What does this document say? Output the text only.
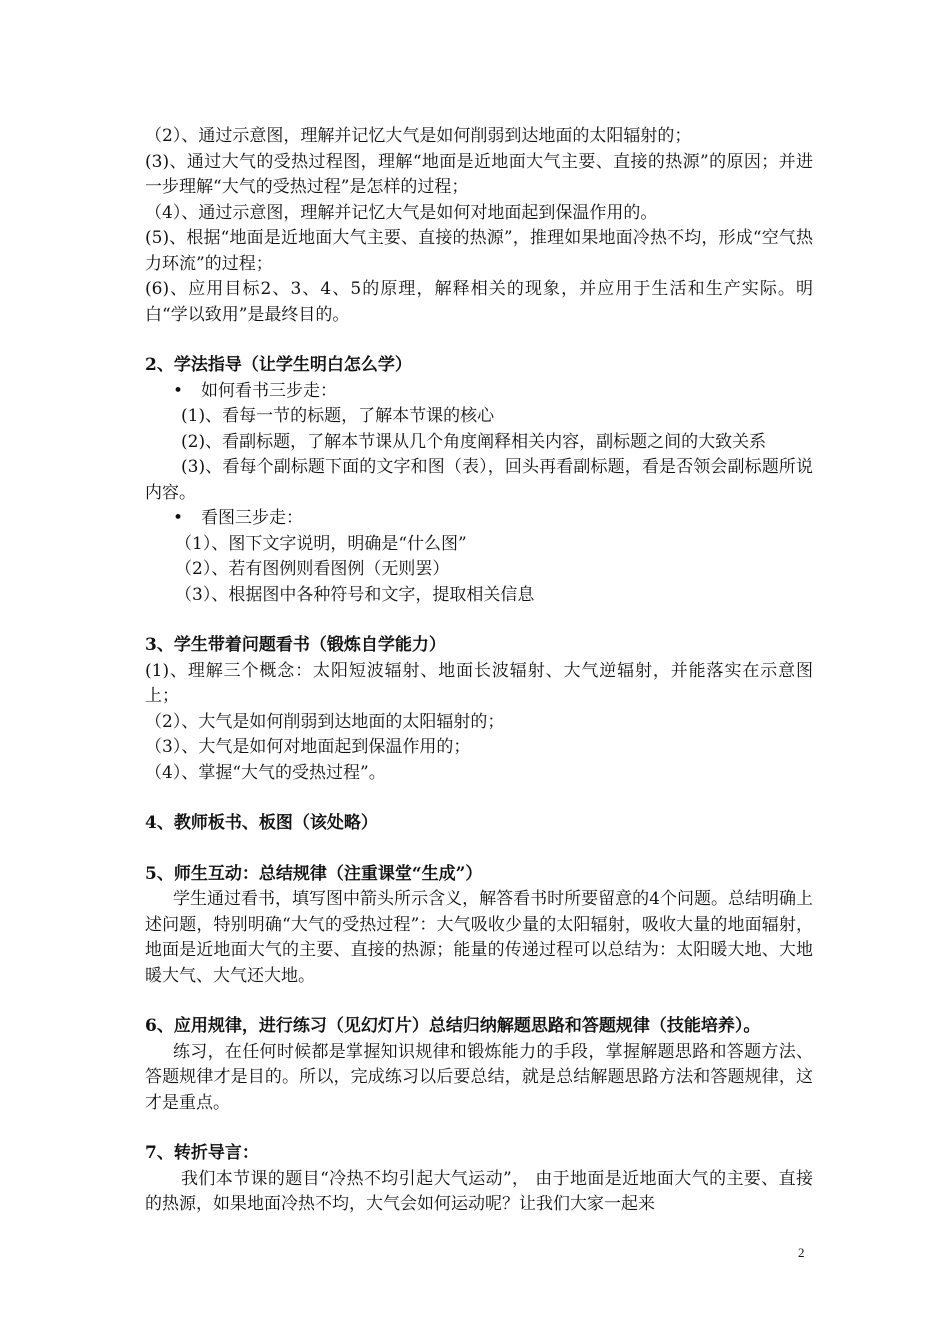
（2）、通过示意图，理解并记忆大气是如何削弱到达地面的太阳辐射的；
(3)、通过大气的受热过程图，理解“地面是近地面大气主要、直接的热源”的原因；并进一步理解“大气的受热过程”是怎样的过程；
（4）、通过示意图，理解并记忆大气是如何对地面起到保温作用的。
(5)、根据“地面是近地面大气主要、直接的热源”，推理如果地面冷热不均，形成“空气热力环流”的过程；
(6)、应用目标2、3、4、5的原理，解释相关的现象，并应用于生活和生产实际。明白“学以致用”是最终目的。
2、学法指导（让学生明白怎么学）
• 如何看书三步走：
(1)、看每一节的标题，了解本节课的核心
(2)、看副标题，了解本节课从几个角度阐释相关内容，副标题之间的大致关系
(3)、看每个副标题下面的文字和图（表），回头再看副标题，看是否领会副标题所说内容。
• 看图三步走：
（1）、图下文字说明，明确是“什么图”
（2）、若有图例则看图例（无则罢）
（3）、根据图中各种符号和文字，提取相关信息
3、学生带着问题看书（锻炼自学能力）
(1)、理解三个概念：太阳短波辐射、地面长波辐射、大气逆辐射，并能落实在示意图上；
（2）、大气是如何削弱到达地面的太阳辐射的；
（3）、大气是如何对地面起到保温作用的；
（4）、掌握“大气的受热过程”。
4、教师板书、板图（该处略）
5、师生互动：总结规律（注重课堂“生成”）
学生通过看书，填写图中箭头所示含义，解答看书时所要留意的4个问题。总结明确上述问题，特别明确“大气的受热过程”：大气吸收少量的太阳辐射，吸收大量的地面辐射，地面是近地面大气的主要、直接的热源；能量的传递过程可以总结为：太阳暖大地、大地暖大气、大气还大地。
6、应用规律，进行练习（见幻灯片）总结归纳解题思路和答题规律（技能培养）。
练习，在任何时候都是掌握知识规律和锻炼能力的手段，掌握解题思路和答题方法、答题规律才是目的。所以，完成练习以后要总结，就是总结解题思路方法和答题规律，这才是重点。
7、转折导言：
我们本节课的题目“冷热不均引起大气运动”， 由于地面是近地面大气的主要、直接的热源，如果地面冷热不均，大气会如何运动呢？让我们大家一起来
2
